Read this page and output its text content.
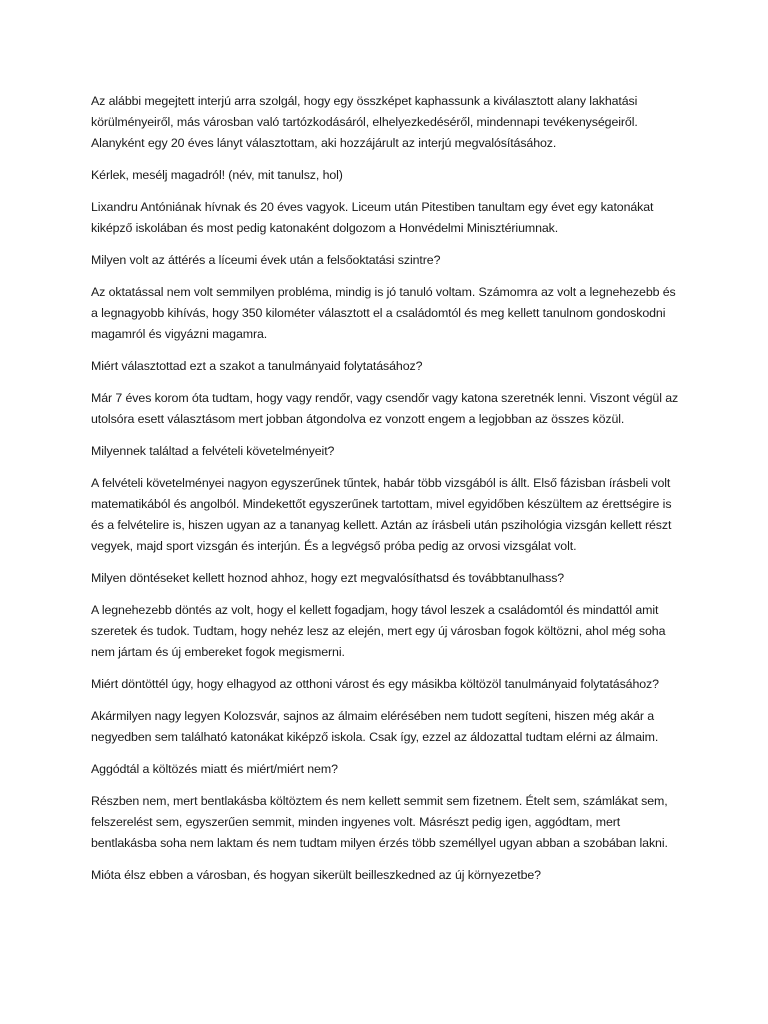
Az alábbi megejtett interjú arra szolgál, hogy egy összképet kaphassunk a kiválasztott alany lakhatási körülményeiről, más városban való tartózkodásáról, elhelyezkedéséről, mindennapi tevékenységeiről. Alanyként egy 20 éves lányt választottam, aki hozzájárult az interjú megvalósításához.

Kérlek, mesélj magadról! (név, mit tanulsz, hol)

Lixandru Antóniának hívnak és 20 éves vagyok. Liceum után Pitestiben tanultam egy évet egy katonákat kiképző iskolában és most pedig katonaként dolgozom a Honvédelmi Minisztériumnak.

Milyen volt az áttérés a líceumi évek után a felsőoktatási szintre?

Az oktatással nem volt semmilyen probléma, mindig is jó tanuló voltam. Számomra az volt a legnehezebb és a legnagyobb kihívás, hogy 350 kilométer választott el a családomtól és meg kellett tanulnom gondoskodni magamról és vigyázni magamra.

Miért választottad ezt a szakot a tanulmányaid folytatásához?

Már 7 éves korom óta tudtam, hogy vagy rendőr, vagy csendőr vagy katona szeretnék lenni. Viszont végül az utolsóra esett választásom mert jobban átgondolva ez vonzott engem a legjobban az összes közül.

Milyennek találtad a felvételi követelményeit?

A felvételi követelményei nagyon egyszerűnek tűntek, habár több vizsgából is állt. Első fázisban írásbeli volt matematikából és angolból. Mindekettőt egyszerűnek tartottam, mivel egyidőben készültem az érettségire is és a felvételire is, hiszen ugyan az a tananyag kellett. Aztán az írásbeli után pszihológia vizsgán kellett részt vegyek, majd sport vizsgán és interjún. És a legvégső próba pedig az orvosi vizsgálat volt.

Milyen döntéseket kellett hoznod ahhoz, hogy ezt megvalósíthatsd és továbbtanulhass?

A legnehezebb döntés az volt, hogy el kellett fogadjam, hogy távol leszek a családomtól és mindattól amit szeretek és tudok. Tudtam, hogy nehéz lesz az elején, mert egy új városban fogok költözni, ahol még soha nem jártam és új embereket fogok megismerni.

Miért döntöttél úgy, hogy elhagyod az otthoni várost és egy másikba költözöl tanulmányaid folytatásához?

Akármilyen nagy legyen Kolozsvár, sajnos az álmaim elérésében nem tudott segíteni, hiszen még akár a negyedben sem található katonákat kiképző iskola. Csak így, ezzel az áldozattal tudtam elérni az álmaim.

Aggódtál a költözés miatt és miért/miért nem?

Részben nem, mert bentlakásba költöztem és nem kellett semmit sem fizetnem. Ételt sem, számlákat sem, felszerelést sem, egyszerűen semmit, minden ingyenes volt. Másrészt pedig igen, aggódtam, mert bentlakásba soha nem laktam és nem tudtam milyen érzés több személlyel ugyan abban a szobában lakni.

Mióta élsz ebben a városban, és hogyan sikerült beilleszkedned az új környezetbe?
